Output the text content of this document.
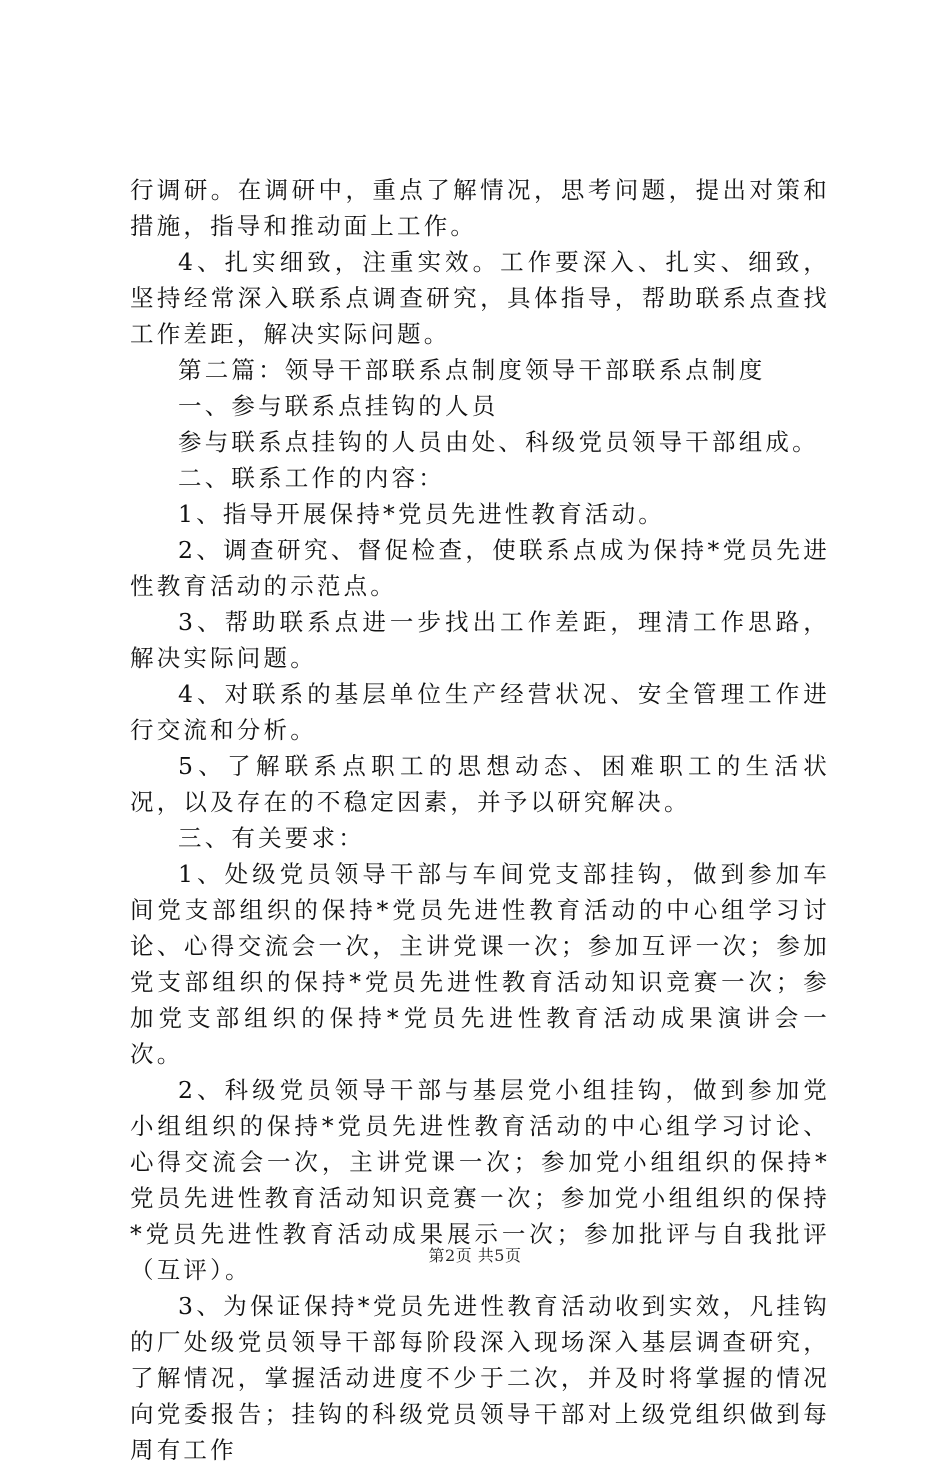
行调研。在调研中，重点了解情况，思考问题，提出对策和措施，指导和推动面上工作。

4、扎实细致，注重实效。工作要深入、扎实、细致，坚持经常深入联系点调查研究，具体指导，帮助联系点查找工作差距，解决实际问题。

第二篇：领导干部联系点制度领导干部联系点制度

一、参与联系点挂钩的人员

参与联系点挂钩的人员由处、科级党员领导干部组成。

二、联系工作的内容：

1、指导开展保持*党员先进性教育活动。

2、调查研究、督促检查，使联系点成为保持*党员先进性教育活动的示范点。

3、帮助联系点进一步找出工作差距，理清工作思路，解决实际问题。

4、对联系的基层单位生产经营状况、安全管理工作进行交流和分析。

5、了解联系点职工的思想动态、困难职工的生活状况，以及存在的不稳定因素，并予以研究解决。

三、有关要求：

1、处级党员领导干部与车间党支部挂钩，做到参加车间党支部组织的保持*党员先进性教育活动的中心组学习讨论、心得交流会一次，主讲党课一次；参加互评一次；参加党支部组织的保持*党员先进性教育活动知识竞赛一次；参加党支部组织的保持*党员先进性教育活动成果演讲会一次。

2、科级党员领导干部与基层党小组挂钩，做到参加党小组组织的保持*党员先进性教育活动的中心组学习讨论、心得交流会一次，主讲党课一次；参加党小组组织的保持*党员先进性教育活动知识竞赛一次；参加党小组组织的保持*党员先进性教育活动成果展示一次；参加批评与自我批评（互评）。

3、为保证保持*党员先进性教育活动收到实效，凡挂钩的厂处级党员领导干部每阶段深入现场深入基层调查研究，了解情况，掌握活动进度不少于二次，并及时将掌握的情况向党委报告；挂钩的科级党员领导干部对上级党组织做到每周有工作

第2页 共5页
